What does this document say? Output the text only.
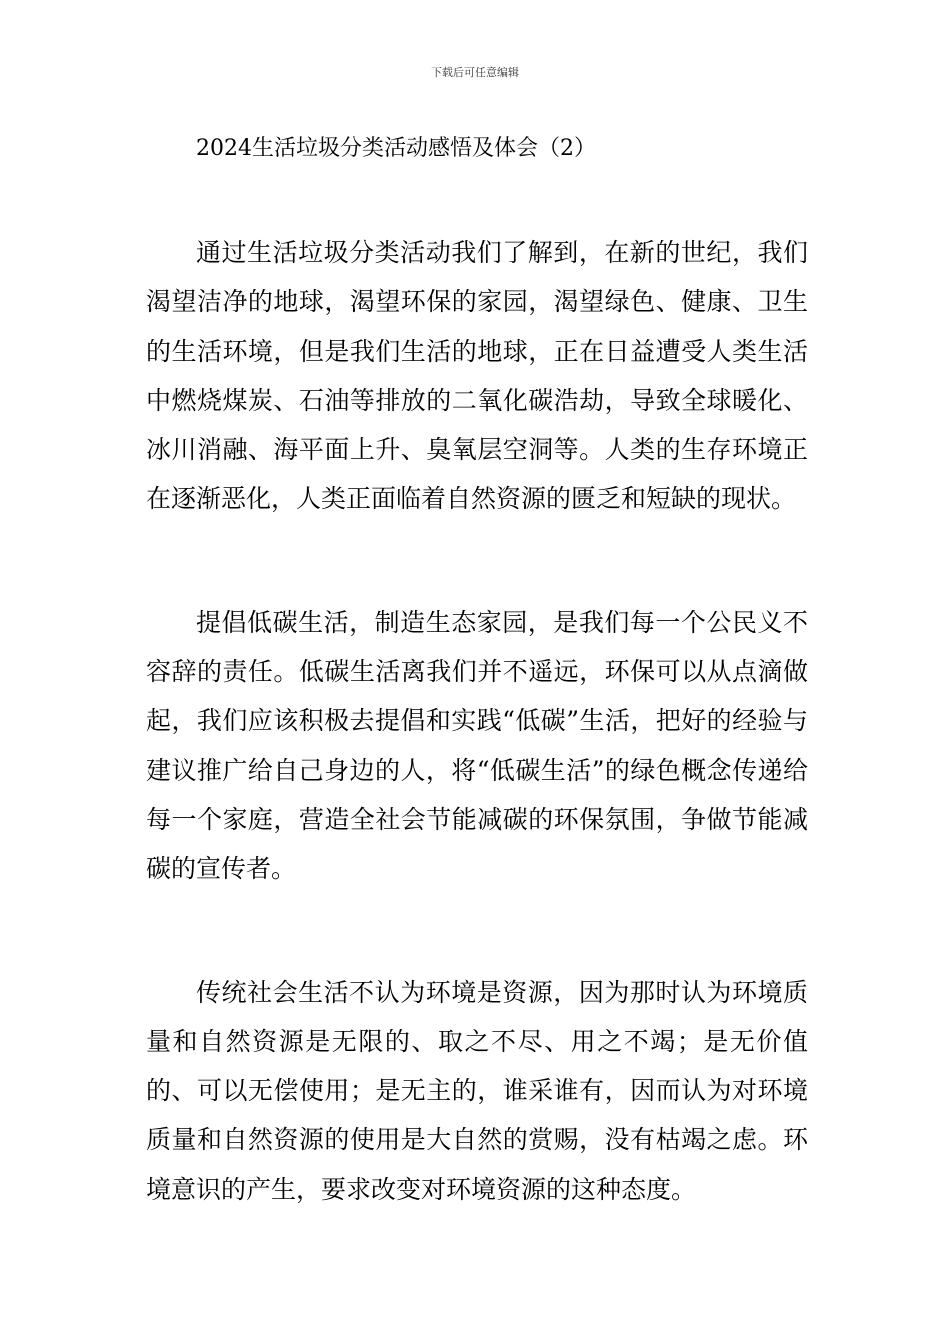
下载后可任意编辑
2024生活垃圾分类活动感悟及体会（2）

通过生活垃圾分类活动我们了解到，在新的世纪，我们渴望洁净的地球，渴望环保的家园，渴望绿色、健康、卫生的生活环境，但是我们生活的地球，正在日益遭受人类生活中燃烧煤炭、石油等排放的二氧化碳浩劫，导致全球暖化、冰川消融、海平面上升、臭氧层空洞等。人类的生存环境正在逐渐恶化，人类正面临着自然资源的匮乏和短缺的现状。

提倡低碳生活，制造生态家园，是我们每一个公民义不容辞的责任。低碳生活离我们并不遥远，环保可以从点滴做起，我们应该积极去提倡和实践“低碳”生活，把好的经验与建议推广给自己身边的人，将“低碳生活”的绿色概念传递给每一个家庭，营造全社会节能减碳的环保氛围，争做节能减碳的宣传者。

传统社会生活不认为环境是资源，因为那时认为环境质量和自然资源是无限的、取之不尽、用之不竭；是无价值的、可以无偿使用；是无主的，谁采谁有，因而认为对环境质量和自然资源的使用是大自然的赏赐，没有枯竭之虑。环境意识的产生，要求改变对环境资源的这种态度。
